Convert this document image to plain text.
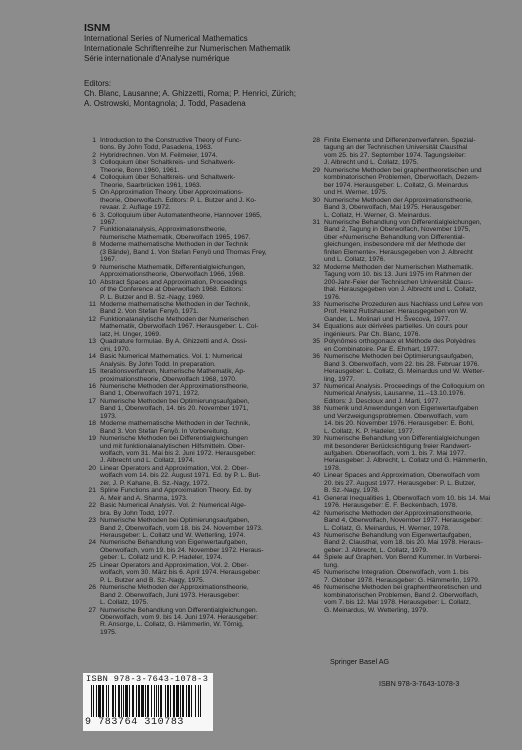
ISNM
International Series of Numerical Mathematics
Internationale Schriftenreihe zur Numerischen Mathematik
Série internationale d'Analyse numérique
Editors:
Ch. Blanc, Lausanne; A. Ghizzetti, Roma; P. Henrici, Zürich;
A. Ostrowski, Montagnola; J. Todd, Pasadena
1 Introduction to the Constructive Theory of Func-
tions. By John Todd, Pasadena, 1963.
2 Hybridrechnen. Von M. Feilmeier, 1974.
3 Colloquium über Schaltkreis- und Schaltwerk-
Theorie, Bonn 1960, 1961.
4 Colloquium über Schaltkreis- und Schaltwerk-
Theorie, Saarbrücken 1961, 1963.
5 On Approximation Theory. Über Approximations-
theorie, Oberwolfach. Editors: P. L. Butzer and J. Ko-
revaar. 2. Auflage 1972.
6 3. Colloquium über Automatentheorie, Hannover 1965,
1967.
7 Funktionalanalysis, Approximationstheorie,
Numerische Mathematik, Oberwolfach 1965, 1967.
8 Moderne mathematische Methoden in der Technik
(3 Bände), Band 1. Von Stefan Fenyö und Thomas Frey,
1967.
9 Numerische Mathematik, Differentialgleichungen,
Approximationstheorie, Oberwolfach 1966, 1968.
10 Abstract Spaces and Approximation, Proceedings
of the Conference at Oberwolfach 1968. Editors:
P. L. Butzer and B. Sz.-Nagy, 1969.
11 Moderne mathematische Methoden in der Technik,
Band 2. Von Stefan Fenyö, 1971.
12 Funktionalanalytische Methoden der Numerischen
Mathematik, Oberwolfach 1967. Herausgeber: L. Col-
latz, H. Unger, 1969.
13 Quadrature formulae. By A. Ghizzetti and A. Ossi-
cini, 1970.
14 Basic Numerical Mathematics. Vol. 1: Numerical
Analysis. By John Todd. In preparation.
15 Iterationsverfahren, Numerische Mathematik, Ap-
proximationstheorie, Oberwolfach 1968, 1970.
16 Numerische Methoden der Approximationstheorie,
Band 1, Oberwolfach 1971, 1972.
17 Numerische Methoden bei Optimierungsaufgaben,
Band 1, Oberwolfach, 14. bis 20. November 1971,
1973.
18 Moderne mathematische Methoden in der Technik,
Band 3. Von Stefan Fenyö. In Vorbereitung.
19 Numerische Methoden bei Differentialgleichungen
und mit funktionalanalytischen Hilfsmitteln. Ober-
wolfach, vom 31. Mai bis 2. Juni 1972. Herausgeber:
J. Albrecht und L. Collatz, 1974.
20 Linear Operators and Approximation, Vol. 2. Ober-
wolfach vom 14. bis 22. August 1971. Ed. by P. L. But-
zer, J. P. Kahane, B. Sz.-Nagy, 1972.
21 Spline Functions and Approximation Theory. Ed. by
A. Meir and A. Sharma, 1973.
22 Basic Numerical Analysis. Vol. 2: Numerical Alge-
bra. By John Todd, 1977.
23 Numerische Methoden bei Optimierungsaufgaben,
Band 2, Oberwolfach, vom 18. bis 24. November 1973.
Herausgeber: L. Collatz und W. Wetterling, 1974.
24 Numerische Behandlung von Eigenwertaufgaben,
Oberwolfach, vom 19. bis 24. November 1972. Heraus-
geber: L. Collatz und K. P. Hadeler, 1974.
25 Linear Operators and Approximation, Vol. 2. Ober-
wolfach, vom 30. März bis 6. April 1974. Herausgeber:
P. L. Butzer and B. Sz.-Nagy, 1975.
26 Numerische Methoden der Approximationstheorie,
Band 2. Oberwolfach, Juni 1973. Herausgeber:
L. Collatz, 1975.
27 Numerische Behandlung von Differentialgleichungen.
Oberwolfach, vom 9. bis 14. Juni 1974. Herausgeber:
R. Ansorge, L. Collatz, G. Hämmerlin, W. Törnig,
1975.
28 Finite Elemente und Differenzenverfahren. Spezial-
tagung an der Technischen Universität Clausthal
vom 25. bis 27. September 1974. Tagungsleiter:
J. Albrecht und L. Collatz, 1975.
29 Numerische Methoden bei graphentheoretischen und
kombinatorischen Problemen, Oberwolfach, Dezem-
ber 1974. Herausgeber: L. Collatz, G. Meinardus
und H. Werner, 1975.
30 Numerische Methoden der Approximationstheorie,
Band 3, Oberwolfach, Mai 1975. Herausgeber:
L. Collatz, H. Werner, G. Meinardus.
31 Numerische Behandlung von Differentialgleichungen,
Band 2, Tagung in Oberwolfach, November 1975,
über «Numerische Behandlung von Differential-
gleichungen, insbesondere mit der Methode der
finiten Elemente». Herausgegeben von J. Albrecht
und L. Collatz, 1976.
32 Moderne Methoden der Numerischen Mathematik.
Tagung vom 10. bis 13. Juni 1975 im Rahmen der
200-Jahr-Feier der Technischen Universität Claus-
thal. Herausgegeben von J. Albrecht und L. Collatz,
1976.
33 Numerische Prozeduren aus Nachlass und Lehre von
Prof. Heinz Rutishauser. Herausgegeben von W.
Gander, L. Molinari und H. Švecová, 1977.
34 Equations aux dérivées partielles. Un cours pour
ingénieurs. Par Ch. Blanc, 1976.
35 Polynômes orthogonaux et Méthode des Polyèdres
en Combinatoire. Par E. Ehrhart, 1977.
36 Numerische Methoden bei Optimierungsaufgaben,
Band 3. Oberwolfach, vom 22. bis 28. Februar 1976.
Herausgeber: L. Collatz, G. Meinardus und W. Wetter-
ling, 1977.
37 Numerical Analysis. Proceedings of the Colloquium on
Numerical Analysis, Lausanne, 11.–13.10.1976.
Editors: J. Descloux and J. Marti, 1977.
38 Numerik und Anwendungen von Eigenwertaufgaben
und Verzweigungsproblemen. Oberwolfach, vom
14. bis 20. November 1976. Herausgeber: E. Bohl,
L. Collatz, K. P. Hadeler, 1977.
39 Numerische Behandlung von Differentialgleichungen
mit besonderer Berücksichtigung freier Randwert-
aufgaben. Oberwolfach, vom 1. bis 7. Mai 1977.
Herausgeber: J. Albrecht, L. Collatz und G. Hämmerlin,
1978.
40 Linear Spaces and Approximation, Oberwolfach vom
20. bis 27. August 1977. Herausgeber: P. L. Butzer,
B. Sz.-Nagy, 1978.
41 General Inequalities 1, Oberwolfach vom 10. bis 14. Mai
1976. Herausgeber: E. F. Beckenbach, 1978.
42 Numerische Methoden der Approximationstheorie,
Band 4, Oberwolfach, November 1977. Herausgeber:
L. Collatz, G. Meinardus, H. Werner, 1978.
43 Numerische Behandlung von Eigenwertaufgaben,
Band 2. Clausthal, vom 18. bis 20. Mai 1978. Heraus-
geber: J. Albrecht, L. Collatz, 1979.
44 Spiele auf Graphen. Von Bernd Kummer. In Vorberei-
tung.
45 Numerische Integration. Oberwolfach, vom 1. bis
7. Oktober 1978. Herausgeber: G. Hämmerlin, 1979.
46 Numerische Methoden bei graphentheoretischen und
kombinatorischen Problemen, Band 2. Oberwolfach,
vom 7. bis 12. Mai 1978. Herausgeber: L. Collatz,
G. Meinardus, W. Wetterling, 1979.
Springer Basel AG
ISBN 978-3-7643-1078-3
ISBN 978-3-7643-1078-3
9 783764 310783
